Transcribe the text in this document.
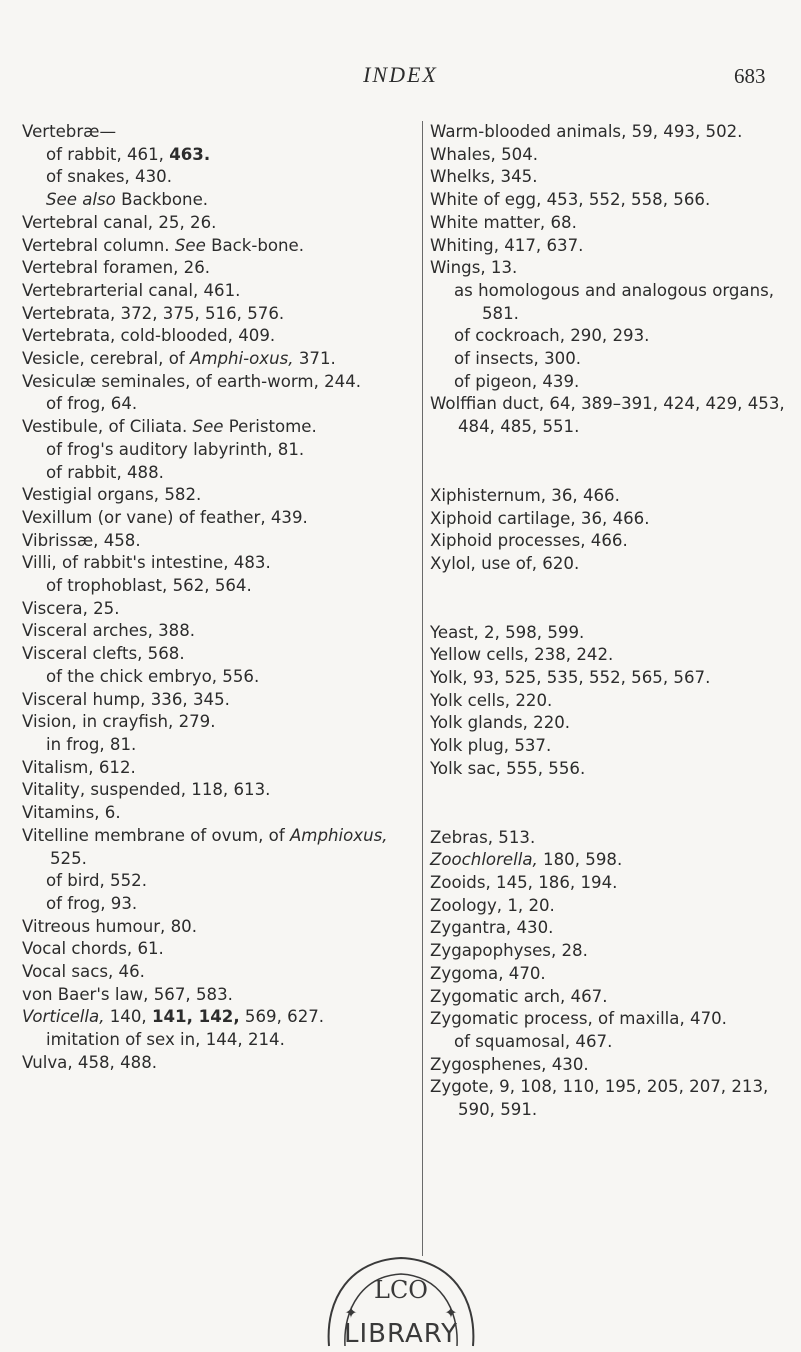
INDEX	683
Vertebræ—
of rabbit, 461, 463.
of snakes, 430.
See also Backbone.
Vertebral canal, 25, 26.
Vertebral column. See Back-bone.
Vertebral foramen, 26.
Vertebrarterial canal, 461.
Vertebrata, 372, 375, 516, 576.
Vertebrata, cold-blooded, 409.
Vesicle, cerebral, of Amphi-oxus, 371.
Vesiculæ seminales, of earth-worm, 244.
of frog, 64.
Vestibule, of Ciliata. See Peristome.
of frog's auditory labyrinth, 81.
of rabbit, 488.
Vestigial organs, 582.
Vexillum (or vane) of feather, 439.
Vibrissæ, 458.
Villi, of rabbit's intestine, 483.
of trophoblast, 562, 564.
Viscera, 25.
Visceral arches, 388.
Visceral clefts, 568.
of the chick embryo, 556.
Visceral hump, 336, 345.
Vision, in crayfish, 279.
in frog, 81.
Vitalism, 612.
Vitality, suspended, 118, 613.
Vitamins, 6.
Vitelline membrane of ovum, of Amphioxus, 525.
of bird, 552.
of frog, 93.
Vitreous humour, 80.
Vocal chords, 61.
Vocal sacs, 46.
von Baer's law, 567, 583.
Vorticella, 140, 141, 142, 569, 627.
imitation of sex in, 144, 214.
Vulva, 458, 488.
Warm-blooded animals, 59, 493, 502.
Whales, 504.
Whelks, 345.
White of egg, 453, 552, 558, 566.
White matter, 68.
Whiting, 417, 637.
Wings, 13.
as homologous and analogous organs, 581.
of cockroach, 290, 293.
of insects, 300.
of pigeon, 439.
Wolffian duct, 64, 389–391, 424, 429, 453, 484, 485, 551.
Xiphisternum, 36, 466.
Xiphoid cartilage, 36, 466.
Xiphoid processes, 466.
Xylol, use of, 620.
Yeast, 2, 598, 599.
Yellow cells, 238, 242.
Yolk, 93, 525, 535, 552, 565, 567.
Yolk cells, 220.
Yolk glands, 220.
Yolk plug, 537.
Yolk sac, 555, 556.
Zebras, 513.
Zoochlorella, 180, 598.
Zooids, 145, 186, 194.
Zoology, 1, 20.
Zygantra, 430.
Zygapophyses, 28.
Zygoma, 470.
Zygomatic arch, 467.
Zygomatic process, of maxilla, 470.
of squamosal, 467.
Zygosphenes, 430.
Zygote, 9, 108, 110, 195, 205, 207, 213, 590, 591.
LCO
✦	✦
LIBRARY
